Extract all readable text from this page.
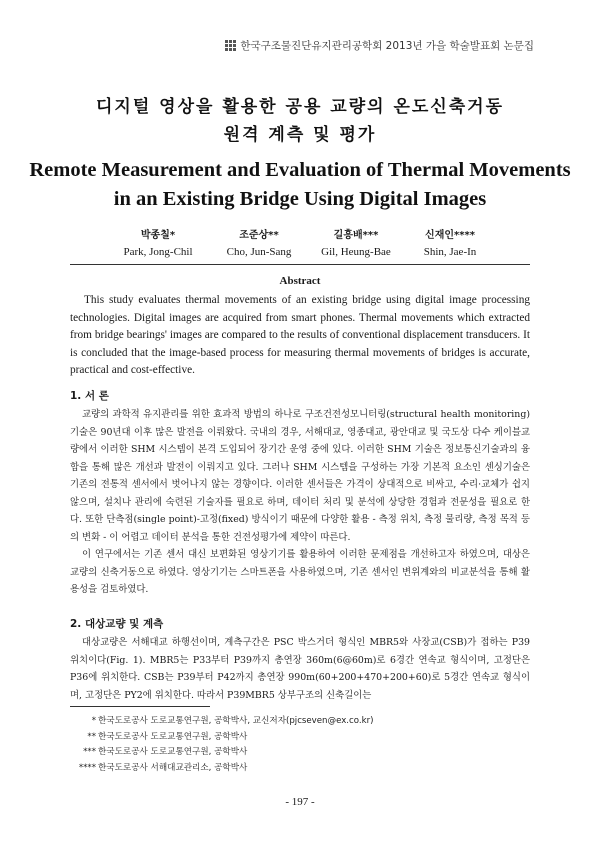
한국구조물진단유지관리공학회 2013년 가을 학술발표회 논문집
디지털 영상을 활용한 공용 교량의 온도신축거동
원격 계측 및 평가
Remote Measurement and Evaluation of Thermal Movements
in an Existing Bridge Using Digital Images
박종칠*
Park, Jong-Chil
조준상**
Cho, Jun-Sang
길흥배***
Gil, Heung-Bae
신재인****
Shin, Jae-In
Abstract
This study evaluates thermal movements of an existing bridge using digital image processing technologies. Digital images are acquired from smart phones. Thermal movements which extracted from bridge bearings' images are compared to the results of conventional displacement transducers. It is concluded that the image-based process for measuring thermal movements of bridges is accurate, practical and cost-effective.
1. 서 론

교량의 과학적 유지관리를 위한 효과적 방법의 하나로 구조건전성모니터링(structural health monitoring) 기술은 90년대 이후 많은 발전을 이뤄왔다. 국내의 경우, 서해대교, 영종대교, 광안대교 및 국도상 다수 케이블교량에서 이러한 SHM 시스템이 본격 도입되어 장기간 운영 중에 있다. 이러한 SHM 기술은 정보통신기술과의 융합을 통해 많은 개선과 발전이 이뤄지고 있다. 그러나 SHM 시스템을 구성하는 가장 기본적 요소인 센싱기술은 기존의 전통적 센서에서 벗어나지 않는 경향이다. 이러한 센서들은 가격이 상대적으로 비싸고, 수리·교체가 쉽지 않으며, 설치나 관리에 숙련된 기술자를 필요로 하며, 데이터 처리 및 분석에 상당한 경험과 전문성을 필요로 한다. 또한 단측점(single point)-고정(fixed) 방식이기 때문에 다양한 활용 - 측정 위치, 측정 물리량, 측정 목적 등의 변화 - 이 어렵고 데이터 분석을 통한 건전성평가에 제약이 따른다.

이 연구에서는 기존 센서 대신 보편화된 영상기기를 활용하여 이러한 문제점을 개선하고자 하였으며, 대상은 교량의 신축거동으로 하였다. 영상기기는 스마트폰을 사용하였으며, 기존 센서인 변위계와의 비교분석을 통해 활용성을 검토하였다.

2. 대상교량 및 계측

대상교량은 서해대교 하행선이며, 계측구간은 PSC 박스거더 형식인 MBR5와 사장교(CSB)가 접하는 P39 위치이다(Fig. 1). MBR5는 P33부터 P39까지 총연장 360m(6@60m)로 6경간 연속교 형식이며, 고정단은 P36에 위치한다. CSB는 P39부터 P42까지 총연장 990m(60+200+470+200+60)로 5경간 연속교 형식이며, 고정단은 PY2에 위치한다. 따라서 P39MBR5 상부구조의 신축길이는

* 한국도로공사 도로교통연구원, 공학박사, 교신저자(pjcseven@ex.co.kr)
** 한국도로공사 도로교통연구원, 공학박사
*** 한국도로공사 도로교통연구원, 공학박사
**** 한국도로공사 서해대교관리소, 공학박사
- 197 -
